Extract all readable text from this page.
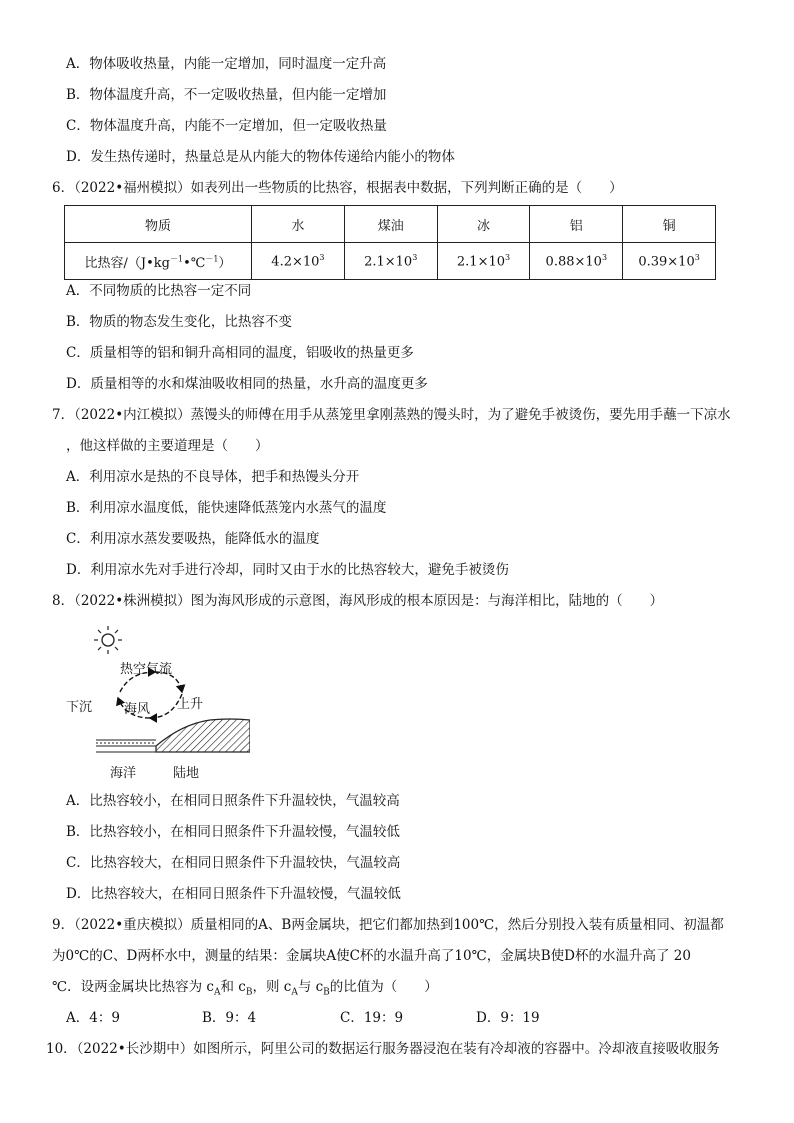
A．物体吸收热量，内能一定增加，同时温度一定升高
B．物体温度升高，不一定吸收热量，但内能一定增加
C．物体温度升高，内能不一定增加，但一定吸收热量
D．发生热传递时，热量总是从内能大的物体传递给内能小的物体
6．（2022•福州模拟）如表列出一些物质的比热容，根据表中数据，下列判断正确的是（　　）
物质	水	煤油	冰	铝	铜
比热容$/(J•kg^{-1}•℃^{-1})$	$4.2\times 10^3$	$2.1\times 10^3$	$2.1\times 10^3$	$0.88\times 10^3$	$0.39\times 10^3$
A．不同物质的比热容一定不同
B．物质的物态发生变化，比热容不变
C．质量相等的铝和铜升高相同的温度，铝吸收的热量更多
D．质量相等的水和煤油吸收相同的热量，水升高的温度更多
7．（2022•内江模拟）蒸馒头的师傅在用手从蒸笼里拿刚蒸熟的馒头时，为了避免手被烫伤，要先用手蘸一下凉水
，他这样做的主要道理是（　　）
A．利用凉水是热的不良导体，把手和热馒头分开
B．利用凉水温度低，能快速降低蒸笼内水蒸气的温度
C．利用凉水蒸发要吸热，能降低水的温度
D．利用凉水先对手进行冷却，同时又由于水的比热容较大，避免手被烫伤
8．（2022•株洲模拟）图为海风形成的示意图，海风形成的根本原因是：与海洋相比，陆地的（　　）
热空气流
下沉	上升
海风
海洋	陆地
A．比热容较小，在相同日照条件下升温较快，气温较高
B．比热容较小，在相同日照条件下升温较慢，气温较低
C．比热容较大，在相同日照条件下升温较快，气温较高
D．比热容较大，在相同日照条件下升温较慢，气温较低
9．（2022•重庆模拟）质量相同的A、B两金属块，把它们都加热到100℃，然后分别投入装有质量相同、初温都
为0℃的C、D两杯水中，测量的结果：金属块A使C杯的水温升高了10℃，金属块B使D杯的水温升高了 20
℃．设两金属块比热容为 $c_A$和 $c_B$，则 $c_A$与 $c_B$的比值为（　　）
A．4：9	B．9：4	C．19：9	D．9：19
10．（2022•长沙期中）如图所示，阿里公司的数据运行服务器浸泡在装有冷却液的容器中。冷却液直接吸收服务
